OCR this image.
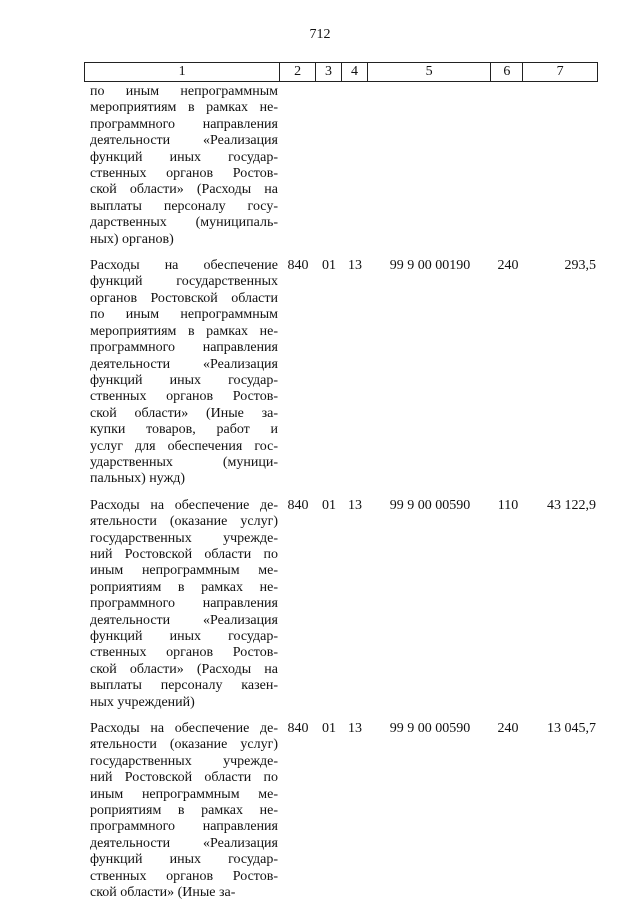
712
1	2	3	4	5	6	7
по иным непрограммным
мероприятиям в рамках не-
программного направления
деятельности «Реализация
функций иных государ-
ственных органов Ростов-
ской области» (Расходы на
выплаты персоналу госу-
дарственных (муниципаль-
ных) органов)
Расходы на обеспечение
функций государственных
органов Ростовской области
по иным непрограммным
мероприятиям в рамках не-
программного направления
деятельности «Реализация
функций иных государ-
ственных органов Ростов-
ской области» (Иные за-
купки товаров, работ и
услуг для обеспечения гос-
ударственных (муници-
пальных) нужд)
840 01 13	99 9 00 00190	240	293,5
Расходы на обеспечение де-
ятельности (оказание услуг)
государственных учрежде-
ний Ростовской области по
иным непрограммным ме-
роприятиям в рамках не-
программного направления
деятельности «Реализация
функций иных государ-
ственных органов Ростов-
ской области» (Расходы на
выплаты персоналу казен-
ных учреждений)
840 01 13	99 9 00 00590	110	43 122,9
Расходы на обеспечение де-
ятельности (оказание услуг)
государственных учрежде-
ний Ростовской области по
иным непрограммным ме-
роприятиям в рамках не-
программного направления
деятельности «Реализация
функций иных государ-
ственных органов Ростов-
ской области» (Иные за-
840 01 13	99 9 00 00590	240	13 045,7
